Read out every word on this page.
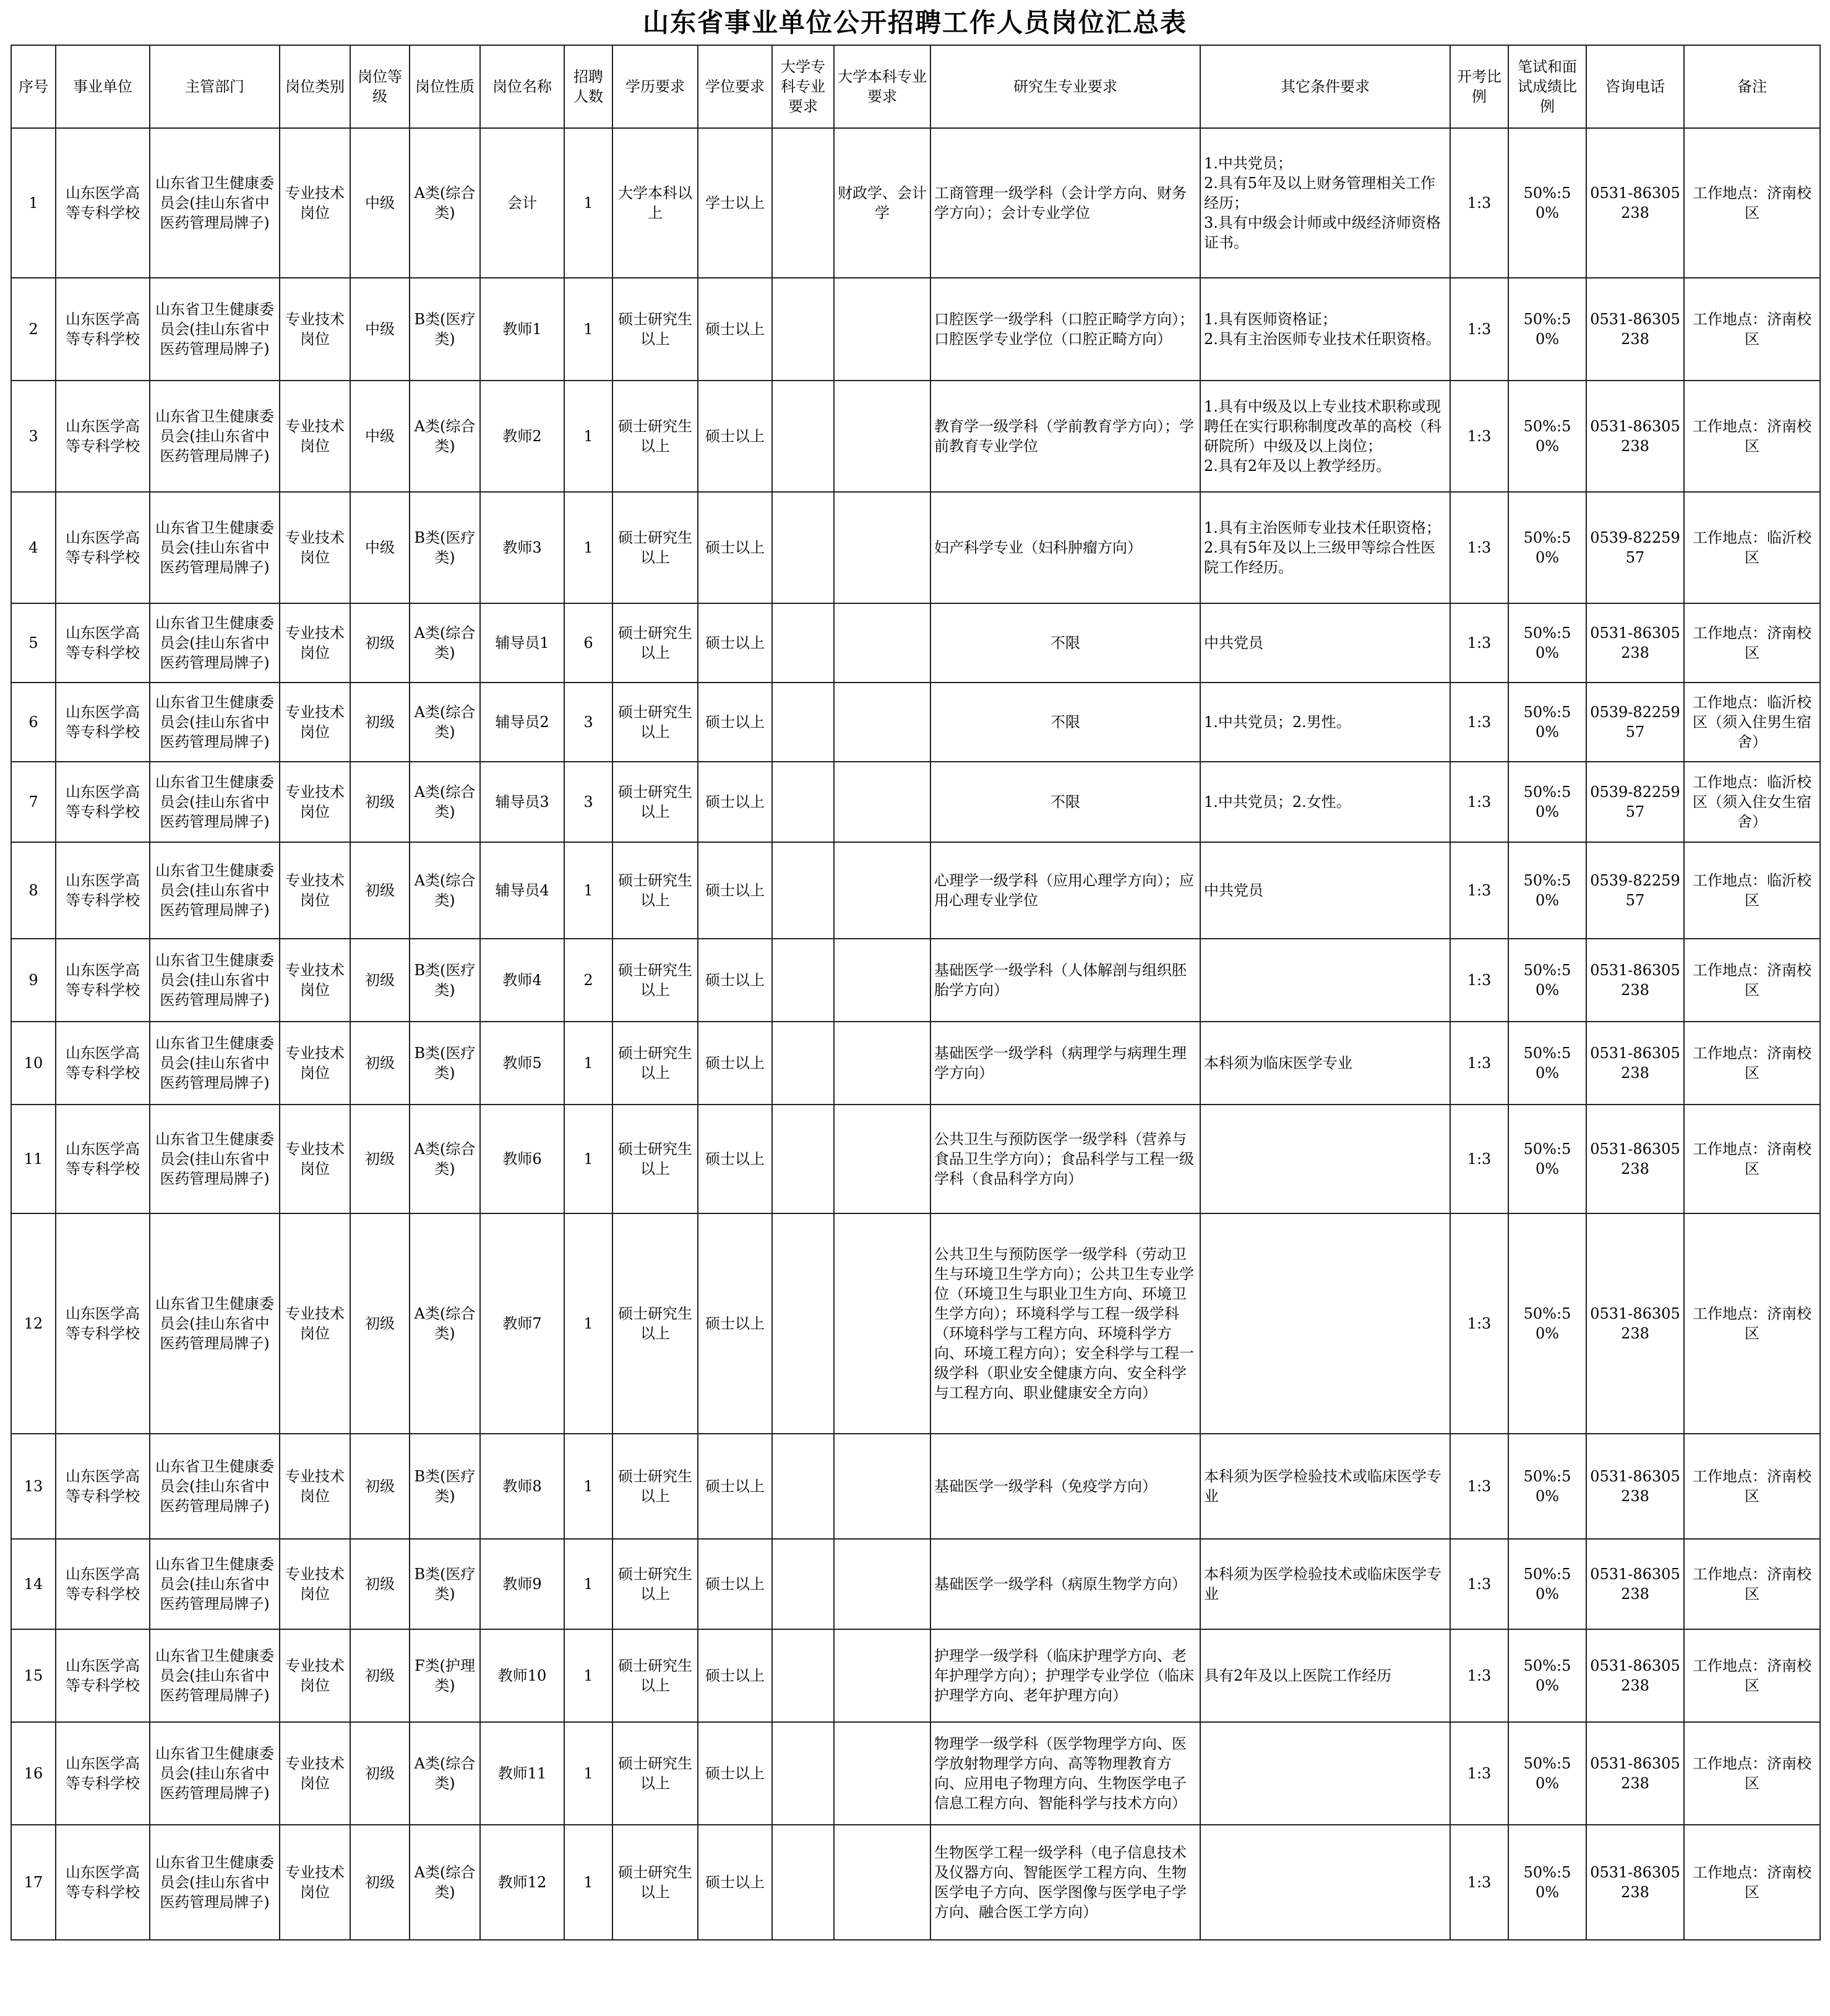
山东省事业单位公开招聘工作人员岗位汇总表
序号	事业单位	主管部门	岗位类别	岗位等级	岗位性质	岗位名称	招聘人数	学历要求	学位要求	大学专科专业要求	大学本科专业要求	研究生专业要求	其它条件要求	开考比例	笔试和面试成绩比例	咨询电话	备注
1	山东医学高等专科学校	山东省卫生健康委员会(挂山东省中医药管理局牌子)	专业技术岗位	中级	A类(综合类)	会计	1	大学本科以上	学士以上		财政学、会计学	工商管理一级学科（会计学方向、财务学方向）；会计专业学位	1.中共党员；
2.具有5年及以上财务管理相关工作经历；
3.具有中级会计师或中级经济师资格证书。	1:3	50%:50%	0531-86305238	工作地点：济南校区
2	山东医学高等专科学校	山东省卫生健康委员会(挂山东省中医药管理局牌子)	专业技术岗位	中级	B类(医疗类)	教师1	1	硕士研究生以上	硕士以上			口腔医学一级学科（口腔正畸学方向）；口腔医学专业学位（口腔正畸方向）	1.具有医师资格证；
2.具有主治医师专业技术任职资格。	1:3	50%:50%	0531-86305238	工作地点：济南校区
3	山东医学高等专科学校	山东省卫生健康委员会(挂山东省中医药管理局牌子)	专业技术岗位	中级	A类(综合类)	教师2	1	硕士研究生以上	硕士以上			教育学一级学科（学前教育学方向）；学前教育专业学位	1.具有中级及以上专业技术职称或现聘任在实行职称制度改革的高校（科研院所）中级及以上岗位；
2.具有2年及以上教学经历。	1:3	50%:50%	0531-86305238	工作地点：济南校区
4	山东医学高等专科学校	山东省卫生健康委员会(挂山东省中医药管理局牌子)	专业技术岗位	中级	B类(医疗类)	教师3	1	硕士研究生以上	硕士以上			妇产科学专业（妇科肿瘤方向）	1.具有主治医师专业技术任职资格；
2.具有5年及以上三级甲等综合性医院工作经历。	1:3	50%:50%	0539-8225957	工作地点：临沂校区
5	山东医学高等专科学校	山东省卫生健康委员会(挂山东省中医药管理局牌子)	专业技术岗位	初级	A类(综合类)	辅导员1	6	硕士研究生以上	硕士以上			不限	中共党员	1:3	50%:50%	0531-86305238	工作地点：济南校区
6	山东医学高等专科学校	山东省卫生健康委员会(挂山东省中医药管理局牌子)	专业技术岗位	初级	A类(综合类)	辅导员2	3	硕士研究生以上	硕士以上			不限	1.中共党员；2.男性。	1:3	50%:50%	0539-8225957	工作地点：临沂校区（须入住男生宿舍）
7	山东医学高等专科学校	山东省卫生健康委员会(挂山东省中医药管理局牌子)	专业技术岗位	初级	A类(综合类)	辅导员3	3	硕士研究生以上	硕士以上			不限	1.中共党员；2.女性。	1:3	50%:50%	0539-8225957	工作地点：临沂校区（须入住女生宿舍）
8	山东医学高等专科学校	山东省卫生健康委员会(挂山东省中医药管理局牌子)	专业技术岗位	初级	A类(综合类)	辅导员4	1	硕士研究生以上	硕士以上			心理学一级学科（应用心理学方向）；应用心理专业学位	中共党员	1:3	50%:50%	0539-8225957	工作地点：临沂校区
9	山东医学高等专科学校	山东省卫生健康委员会(挂山东省中医药管理局牌子)	专业技术岗位	初级	B类(医疗类)	教师4	2	硕士研究生以上	硕士以上			基础医学一级学科（人体解剖与组织胚胎学方向）		1:3	50%:50%	0531-86305238	工作地点：济南校区
10	山东医学高等专科学校	山东省卫生健康委员会(挂山东省中医药管理局牌子)	专业技术岗位	初级	B类(医疗类)	教师5	1	硕士研究生以上	硕士以上			基础医学一级学科（病理学与病理生理学方向）	本科须为临床医学专业	1:3	50%:50%	0531-86305238	工作地点：济南校区
11	山东医学高等专科学校	山东省卫生健康委员会(挂山东省中医药管理局牌子)	专业技术岗位	初级	A类(综合类)	教师6	1	硕士研究生以上	硕士以上			公共卫生与预防医学一级学科（营养与食品卫生学方向）；食品科学与工程一级学科（食品科学方向）		1:3	50%:50%	0531-86305238	工作地点：济南校区
12	山东医学高等专科学校	山东省卫生健康委员会(挂山东省中医药管理局牌子)	专业技术岗位	初级	A类(综合类)	教师7	1	硕士研究生以上	硕士以上			公共卫生与预防医学一级学科（劳动卫生与环境卫生学方向）；公共卫生专业学位（环境卫生与职业卫生方向、环境卫生学方向）；环境科学与工程一级学科（环境科学与工程方向、环境科学方向、环境工程方向）；安全科学与工程一级学科（职业安全健康方向、安全科学与工程方向、职业健康安全方向）		1:3	50%:50%	0531-86305238	工作地点：济南校区
13	山东医学高等专科学校	山东省卫生健康委员会(挂山东省中医药管理局牌子)	专业技术岗位	初级	B类(医疗类)	教师8	1	硕士研究生以上	硕士以上			基础医学一级学科（免疫学方向）	本科须为医学检验技术或临床医学专业	1:3	50%:50%	0531-86305238	工作地点：济南校区
14	山东医学高等专科学校	山东省卫生健康委员会(挂山东省中医药管理局牌子)	专业技术岗位	初级	B类(医疗类)	教师9	1	硕士研究生以上	硕士以上			基础医学一级学科（病原生物学方向）	本科须为医学检验技术或临床医学专业	1:3	50%:50%	0531-86305238	工作地点：济南校区
15	山东医学高等专科学校	山东省卫生健康委员会(挂山东省中医药管理局牌子)	专业技术岗位	初级	F类(护理类)	教师10	1	硕士研究生以上	硕士以上			护理学一级学科（临床护理学方向、老年护理学方向）；护理学专业学位（临床护理学方向、老年护理方向）	具有2年及以上医院工作经历	1:3	50%:50%	0531-86305238	工作地点：济南校区
16	山东医学高等专科学校	山东省卫生健康委员会(挂山东省中医药管理局牌子)	专业技术岗位	初级	A类(综合类)	教师11	1	硕士研究生以上	硕士以上			物理学一级学科（医学物理学方向、医学放射物理学方向、高等物理教育方向、应用电子物理方向、生物医学电子信息工程方向、智能科学与技术方向）		1:3	50%:50%	0531-86305238	工作地点：济南校区
17	山东医学高等专科学校	山东省卫生健康委员会(挂山东省中医药管理局牌子)	专业技术岗位	初级	A类(综合类)	教师12	1	硕士研究生以上	硕士以上			生物医学工程一级学科（电子信息技术及仪器方向、智能医学工程方向、生物医学电子方向、医学图像与医学电子学方向、融合医工学方向）		1:3	50%:50%	0531-86305238	工作地点：济南校区
